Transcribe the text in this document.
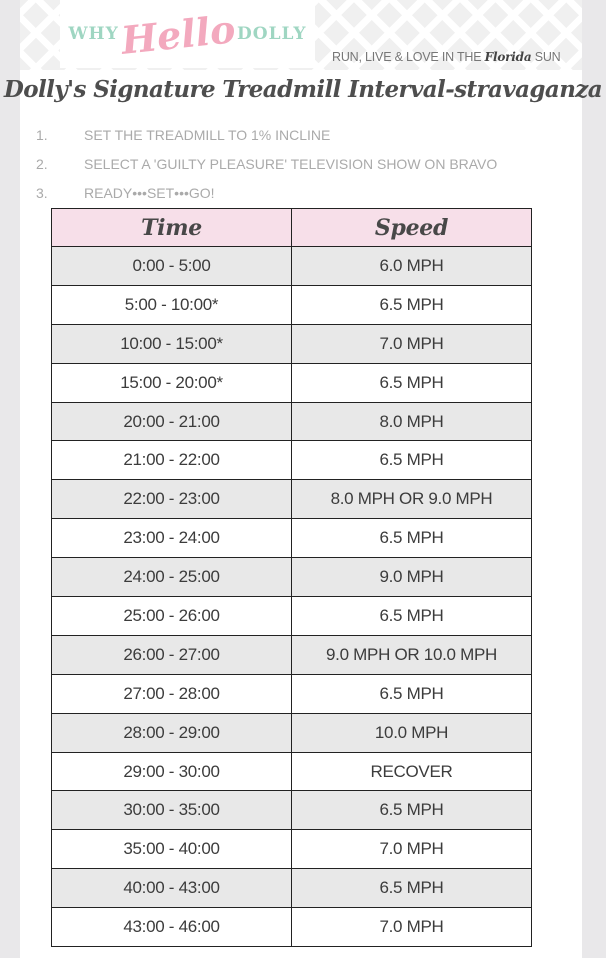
WHY Hello DOLLY
RUN, LIVE & LOVE IN THE Florida SUN
Dolly's Signature Treadmill Interval-stravaganza
1.	SET THE TREADMILL TO 1% INCLINE
2.	SELECT A 'GUILTY PLEASURE' TELEVISION SHOW ON BRAVO
3.	READY•••SET•••GO!
Time	Speed
0:00 - 5:00	6.0 MPH
5:00 - 10:00*	6.5 MPH
10:00 - 15:00*	7.0 MPH
15:00 - 20:00*	6.5 MPH
20:00 - 21:00	8.0 MPH
21:00 - 22:00	6.5 MPH
22:00 - 23:00	8.0 MPH OR 9.0 MPH
23:00 - 24:00	6.5 MPH
24:00 - 25:00	9.0 MPH
25:00 - 26:00	6.5 MPH
26:00 - 27:00	9.0 MPH OR 10.0 MPH
27:00 - 28:00	6.5 MPH
28:00 - 29:00	10.0 MPH
29:00 - 30:00	RECOVER
30:00 - 35:00	6.5 MPH
35:00 - 40:00	7.0 MPH
40:00 - 43:00	6.5 MPH
43:00 - 46:00	7.0 MPH
